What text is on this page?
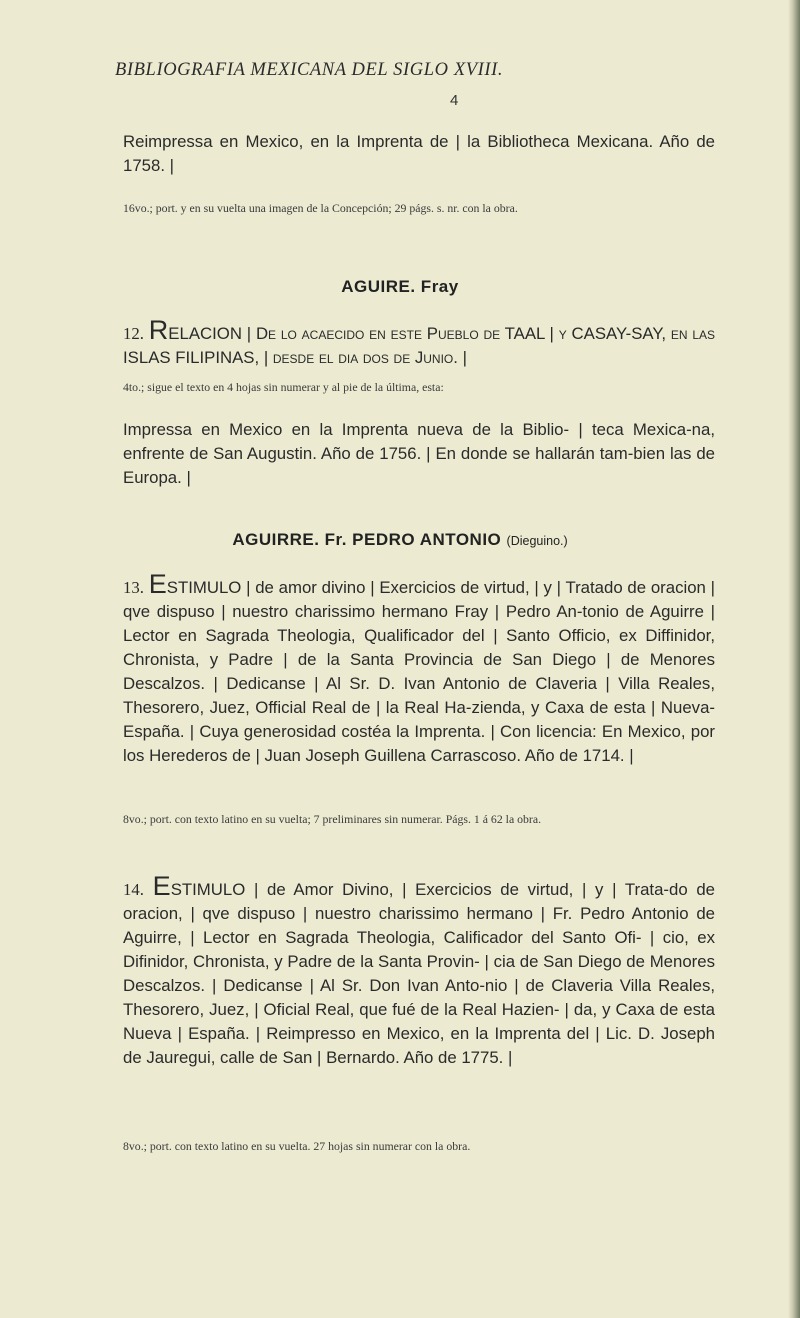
BIBLIOGRAFIA MEXICANA DEL SIGLO XVIII.
4
Reimpressa en Mexico, en la Imprenta de | la Bibliotheca Mexicana. Año de 1758. |
16vo.; port. y en su vuelta una imagen de la Concepción; 29 págs. s. nr. con la obra.
AGUIRE. Fray
12. RELACION | De lo acaecido en este Pueblo de TAAL | y CASAY-SAY, en las ISLAS FILIPINAS, | desde el dia dos de Junio. |
4to.; sigue el texto en 4 hojas sin numerar y al pie de la última, esta:
Impressa en Mexico en la Imprenta nueva de la Biblio- | teca Mexica-na, enfrente de San Augustin. Año de 1756. | En donde se hallarán tam-bien las de Europa. |
AGUIRRE. Fr. PEDRO ANTONIO (Dieguino.)
13. ESTIMULO | de amor divino | Exercicios de virtud, | y | Tratado de oracion | qve dispuso | nuestro charissimo hermano Fray | Pedro An-tonio de Aguirre | Lector en Sagrada Theologia, Qualificador del | Santo Officio, ex Diffinidor, Chronista, y Padre | de la Santa Provincia de San Diego | de Menores Descalzos. | Dedicanse | Al Sr. D. Ivan Antonio de Claveria | Villa Reales, Thesorero, Juez, Official Real de | la Real Ha-zienda, y Caxa de esta | Nueva-España. | Cuya generosidad costéa la Imprenta. | Con licencia: En Mexico, por los Herederos de | Juan Joseph Guillena Carrascoso. Año de 1714. |
8vo.; port. con texto latino en su vuelta; 7 preliminares sin numerar. Págs. 1 á 62 la obra.
14. ESTIMULO | de Amor Divino, | Exercicios de virtud, | y | Trata-do de oracion, | qve dispuso | nuestro charissimo hermano | Fr. Pedro Antonio de Aguirre, | Lector en Sagrada Theologia, Calificador del Santo Ofi- | cio, ex Difinidor, Chronista, y Padre de la Santa Provin- | cia de San Diego de Menores Descalzos. | Dedicanse | Al Sr. Don Ivan Anto-nio | de Claveria Villa Reales, Thesorero, Juez, | Oficial Real, que fué de la Real Hazien- | da, y Caxa de esta Nueva | España. | Reimpresso en Mexico, en la Imprenta del | Lic. D. Joseph de Jauregui, calle de San | Bernardo. Año de 1775. |
8vo.; port. con texto latino en su vuelta. 27 hojas sin numerar con la obra.
